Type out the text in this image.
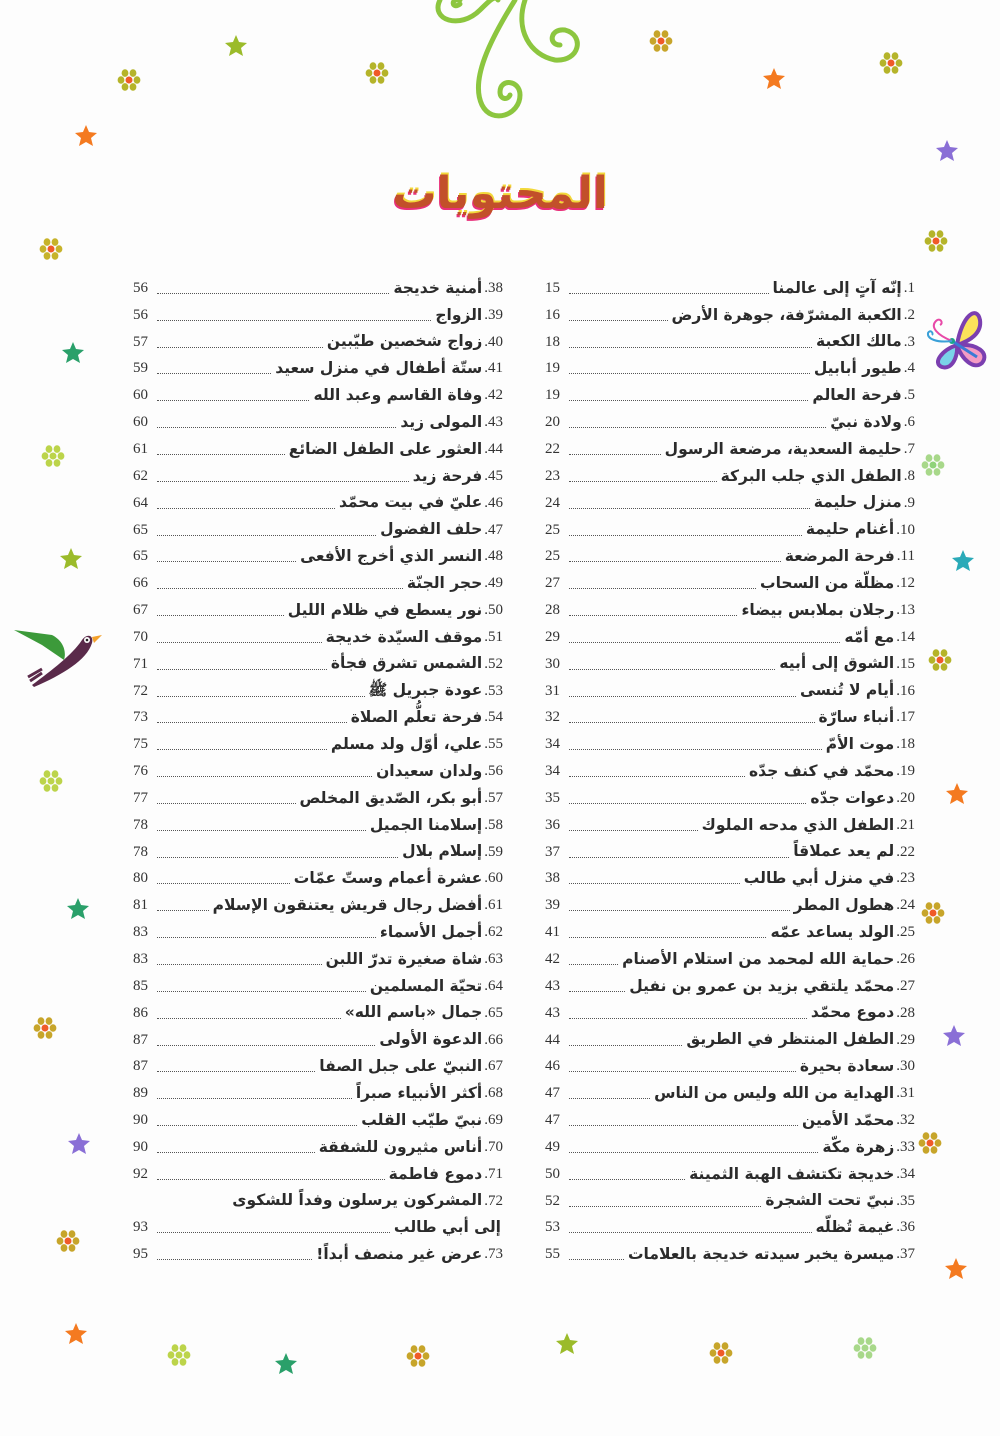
المحتويات
1.
إنّه آتٍ إلى عالمنا
15
2.
الكعبة المشرّفة، جوهرة الأرض
16
3.
مالك الكعبة
18
4.
طيور أبابيل
19
5.
فرحة العالم
19
6.
ولادة نبيّ
20
7.
حليمة السعدية، مرضعة الرسول
22
8.
الطفل الذي جلب البركة
23
9.
منزل حليمة
24
10.
أغنام حليمة
25
11.
فرحة المرضعة
25
12.
مظلّة من السحاب
27
13.
رجلان بملابس بيضاء
28
14.
مع أمّه
29
15.
الشوق إلى أبيه
30
16.
أيام لا تُنسى
31
17.
أنباء سارّة
32
18.
موت الأمّ
34
19.
محمّد في كنف جدّه
34
20.
دعوات جدّه
35
21.
الطفل الذي مدحه الملوك
36
22.
لم يعد عملاقاً
37
23.
في منزل أبي طالب
38
24.
هطول المطر
39
25.
الولد يساعد عمّه
41
26.
حماية الله لمحمد من استلام الأصنام
42
27.
محمّد يلتقي بزيد بن عمرو بن نفيل
43
28.
دموع محمّد
43
29.
الطفل المنتظر في الطريق
44
30.
سعادة بحيرة
46
31.
الهداية من الله وليس من الناس
47
32.
محمّد الأمين
47
33.
زهرة مكّة
49
34.
خديجة تكتشف الهبة الثمينة
50
35.
نبيّ تحت الشجرة
52
36.
غيمة تُظلّه
53
37.
ميسرة يخبر سيدته خديجة بالعلامات
55
38.
أمنية خديجة
56
39.
الزواج
56
40.
زواج شخصين طيّبين
57
41.
ستّة أطفال في منزل سعيد
59
42.
وفاة القاسم وعبد الله
60
43.
المولى زيد
60
44.
العثور على الطفل الضائع
61
45.
فرحة زيد
62
46.
عليّ في بيت محمّد
64
47.
حلف الفضول
65
48.
النسر الذي أخرج الأفعى
65
49.
حجر الجنّة
66
50.
نور يسطع في ظلام الليل
67
51.
موقف السيّدة خديجة
70
52.
الشمس تشرق فجأة
71
53.
عودة جبريل ﷺ
72
54.
فرحة تعلُّم الصلاة
73
55.
علي، أوّل ولد مسلم
75
56.
ولدان سعيدان
76
57.
أبو بكر، الصّديق المخلص
77
58.
إسلامنا الجميل
78
59.
إسلام بلال
78
60.
عشرة أعمام وستّ عمّات
80
61.
أفضل رجال قريش يعتنقون الإسلام
81
62.
أجمل الأسماء
83
63.
شاة صغيرة تدرّ اللبن
83
64.
تحيّة المسلمين
85
65.
جمال «باسم الله»
86
66.
الدعوة الأولى
87
67.
النبيّ على جبل الصفا
87
68.
أكثر الأنبياء صبراً
89
69.
نبيّ طيّب القلب
90
70.
أناس مثيرون للشفقة
90
71.
دموع فاطمة
92
72.
المشركون يرسلون وفداً للشكوى
إلى أبي طالب
93
73.
عرض غير منصف أبداً!
95
